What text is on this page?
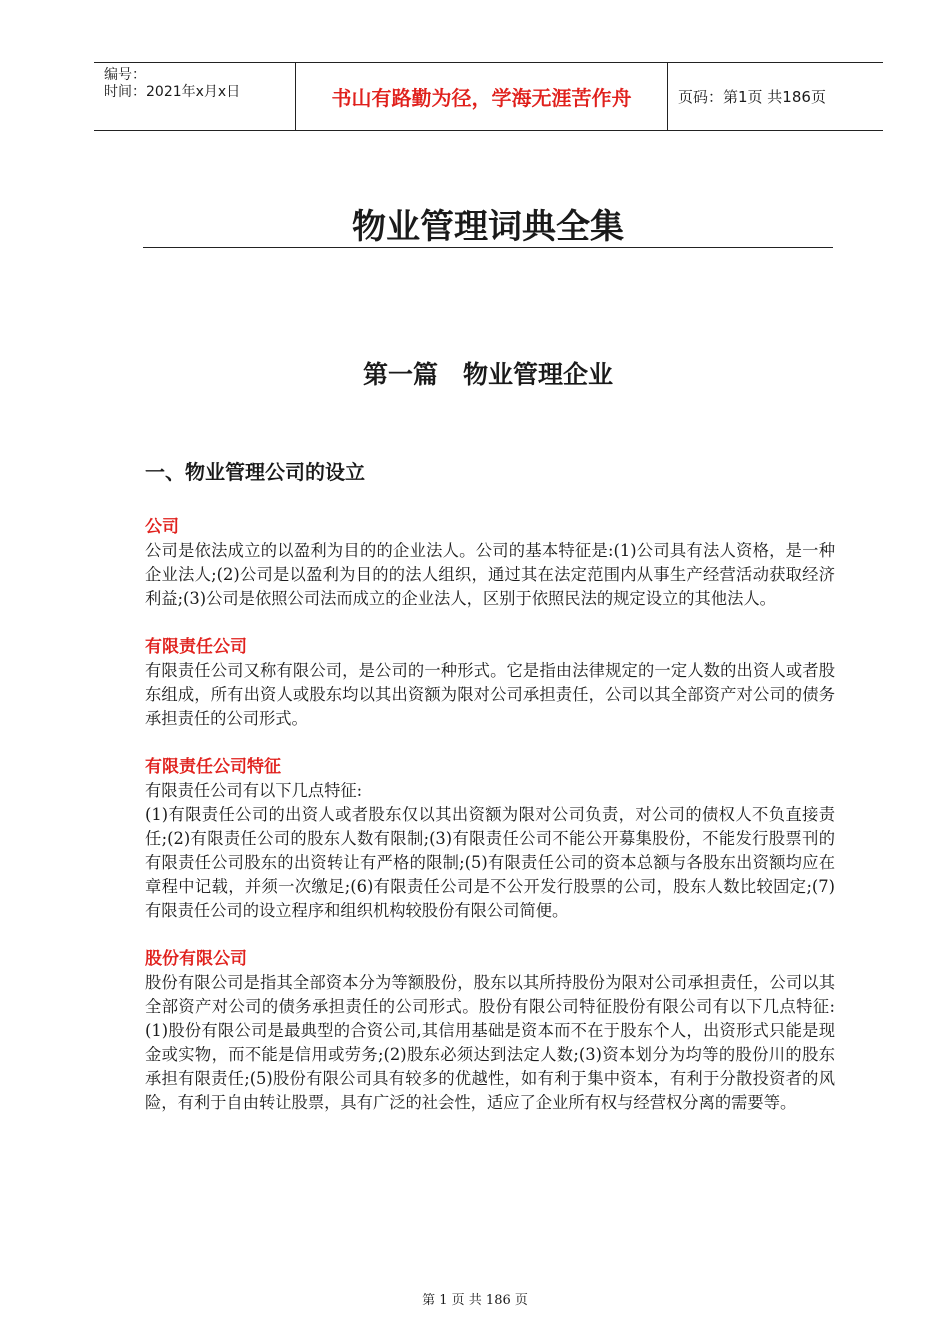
编号：
时间：2021年x月x日	书山有路勤为径，学海无涯苦作舟	页码：第1页 共186页
物业管理词典全集
第一篇　物业管理企业
一、物业管理公司的设立
公司

公司是依法成立的以盈利为目的的企业法人。公司的基本特征是:(1)公司具有法人资格，是一种企业法人;(2)公司是以盈利为目的的法人组织，通过其在法定范围内从事生产经营活动获取经济利益;(3)公司是依照公司法而成立的企业法人，区别于依照民法的规定设立的其他法人。

有限责任公司

有限责任公司又称有限公司，是公司的一种形式。它是指由法律规定的一定人数的出资人或者股东组成，所有出资人或股东均以其出资额为限对公司承担责任，公司以其全部资产对公司的债务承担责任的公司形式。

有限责任公司特征

有限责任公司有以下几点特征:

(1)有限责任公司的出资人或者股东仅以其出资额为限对公司负责，对公司的债权人不负直接责任;(2)有限责任公司的股东人数有限制;(3)有限责任公司不能公开募集股份，不能发行股票刊的有限责任公司股东的出资转让有严格的限制;(5)有限责任公司的资本总额与各股东出资额均应在章程中记载，并须一次缴足;(6)有限责任公司是不公开发行股票的公司，股东人数比较固定;(7)有限责任公司的设立程序和组织机构较股份有限公司简便。

股份有限公司

股份有限公司是指其全部资本分为等额股份，股东以其所持股份为限对公司承担责任，公司以其全部资产对公司的债务承担责任的公司形式。股份有限公司特征股份有限公司有以下几点特征:(1)股份有限公司是最典型的合资公司,其信用基础是资本而不在于股东个人，出资形式只能是现金或实物，而不能是信用或劳务;(2)股东必须达到法定人数;(3)资本划分为均等的股份川的股东承担有限责任;(5)股份有限公司具有较多的优越性，如有利于集中资本，有利于分散投资者的风险，有利于自由转让股票，具有广泛的社会性，适应了企业所有权与经营权分离的需要等。

第 1 页 共 186 页
